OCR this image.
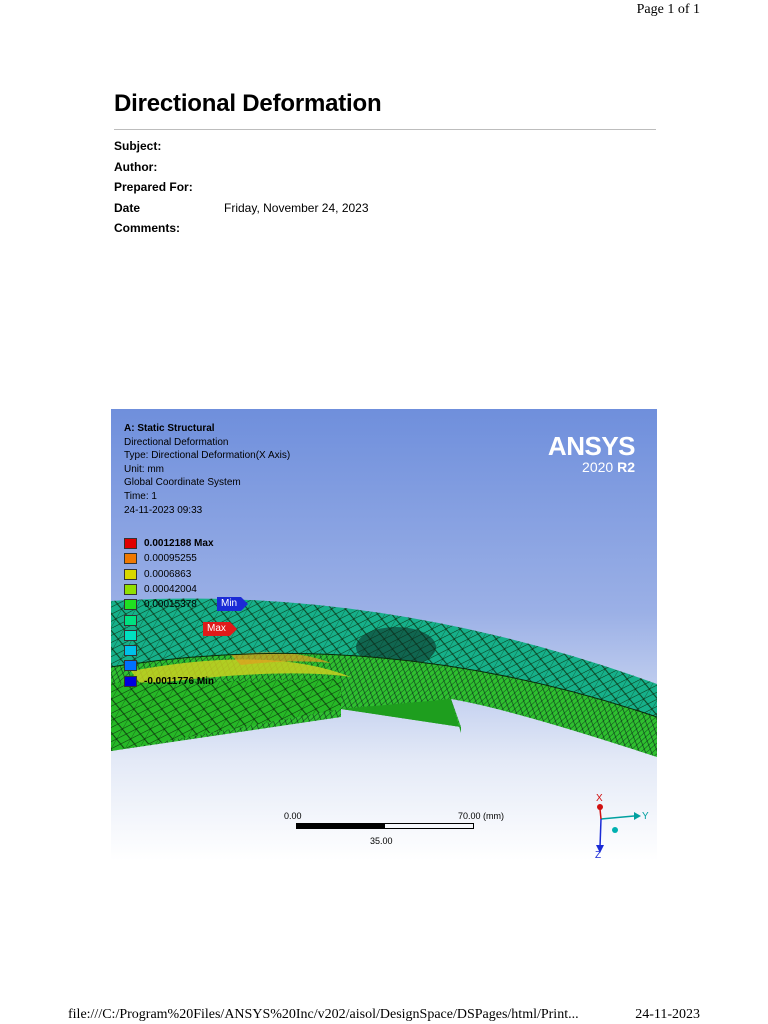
Page 1 of 1
Directional Deformation
Subject:
Author:
Prepared For:
Date	Friday, November 24, 2023
Comments:
A: Static Structural
Directional Deformation
Type: Directional Deformation(X Axis)
Unit: mm
Global Coordinate System
Time: 1
24-11-2023 09:33
ANSYS
2020 R2
0.0012188 Max
0.00095255
0.0006863
0.00042004
0.00015378
-0.0011776 Min
Min
Max
0.00	70.00 (mm)
35.00
X
Y
Z
file:///C:/Program%20Files/ANSYS%20Inc/v202/aisol/DesignSpace/DSPages/html/Print...	24-11-2023
